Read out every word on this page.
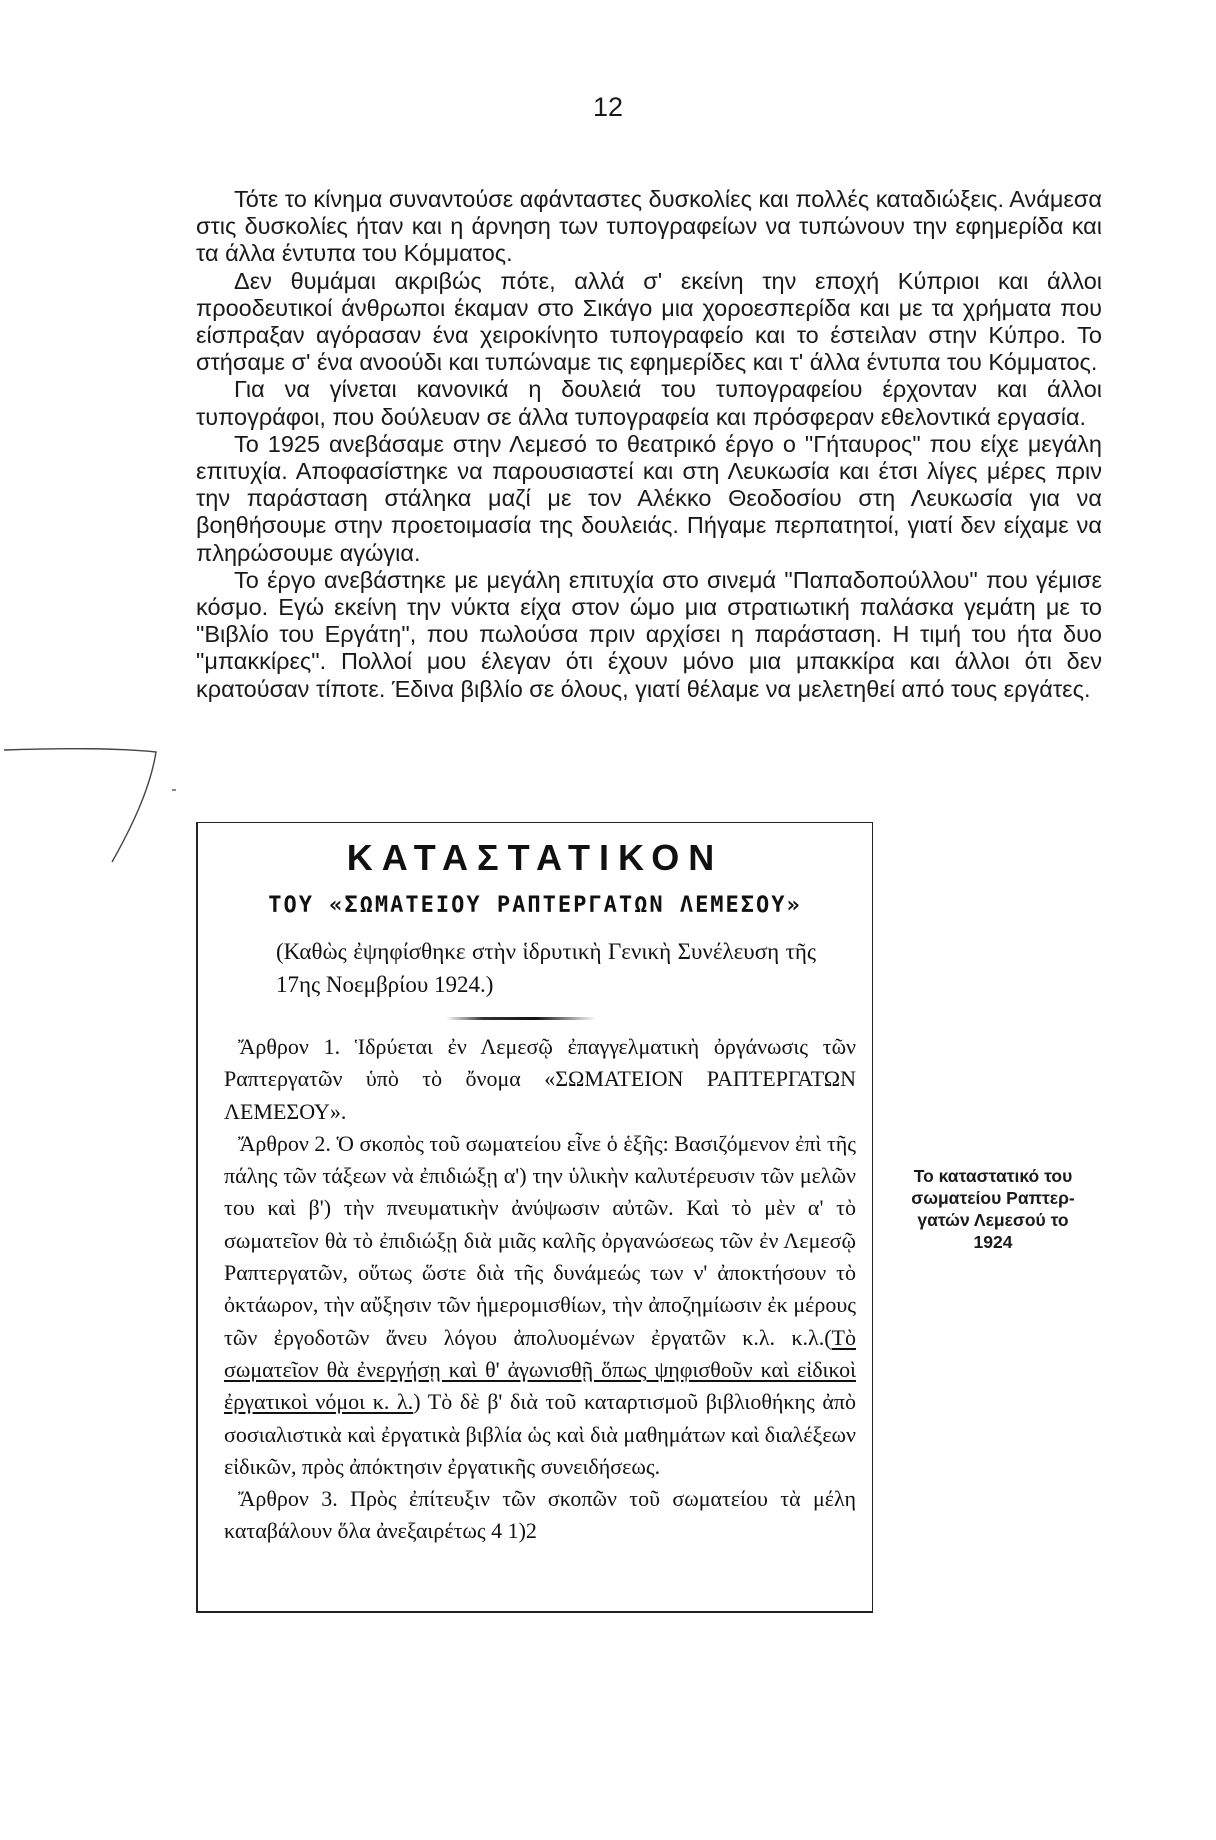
12

Τότε το κίνημα συναντούσε αφάνταστες δυσκολίες και πολλές καταδιώξεις. Ανάμεσα στις δυσκολίες ήταν και η άρνηση των τυπογραφείων να τυπώνουν την εφημερίδα και τα άλλα έντυπα του Κόμματος.

Δεν θυμάμαι ακριβώς πότε, αλλά σ' εκείνη την εποχή Κύπριοι και άλλοι προοδευτικοί άνθρωποι έκαμαν στο Σικάγο μια χοροεσπερίδα και με τα χρήματα που είσπραξαν αγόρασαν ένα χειροκίνητο τυπογραφείο και το έστειλαν στην Κύπρο. Το στήσαμε σ' ένα ανοούδι και τυπώναμε τις εφημερίδες και τ' άλλα έντυπα του Κόμματος.

Για να γίνεται κανονικά η δουλειά του τυπογραφείου έρχονταν και άλλοι τυπογράφοι, που δούλευαν σε άλλα τυπογραφεία και πρόσφεραν εθελοντικά εργασία.

Το 1925 ανεβάσαμε στην Λεμεσό το θεατρικό έργο ο "Γήταυρος" που είχε μεγάλη επιτυχία. Αποφασίστηκε να παρουσιαστεί και στη Λευκωσία και έτσι λίγες μέρες πριν την παράσταση στάληκα μαζί με τον Αλέκκο Θεοδοσίου στη Λευκωσία για να βοηθήσουμε στην προετοιμασία της δουλειάς. Πήγαμε περπατητοί, γιατί δεν είχαμε να πληρώσουμε αγώγια.

Το έργο ανεβάστηκε με μεγάλη επιτυχία στο σινεμά "Παπαδοπούλλου" που γέμισε κόσμο. Εγώ εκείνη την νύκτα είχα στον ώμο μια στρατιωτική παλάσκα γεμάτη με το "Βιβλίο του Εργάτη", που πωλούσα πριν αρχίσει η παράσταση. Η τιμή του ήτα δυο "μπακκίρες". Πολλοί μου έλεγαν ότι έχουν μόνο μια μπακκίρα και άλλοι ότι δεν κρατούσαν τίποτε. Έδινα βιβλίο σε όλους, γιατί θέλαμε να μελετηθεί από τους εργάτες.

ΚΑΤΑΣΤΑΤΙΚΟΝ
ΤΟΥ «ΣΩΜΑΤΕΙΟΥ ΡΑΠΤΕΡΓΑΤΩΝ ΛΕΜΕΣΟΥ»
(Καθὼς ἐψηφίσθηκε στὴν ἱδρυτικὴ Γενικὴ Συνέλευση τῆς 17ης Νοεμβρίου 1924.)

Ἄρθρον 1. Ἱδρύεται ἐν Λεμεσῷ ἐπαγγελματικὴ ὀργάνωσις τῶν Ραπτεργατῶν ὑπὸ τὸ ὄνομα «ΣΩΜΑΤΕΙΟΝ ΡΑΠΤΕΡΓΑΤΩΝ ΛΕΜΕΣΟΥ».

Ἄρθρον 2. Ὁ σκοπὸς τοῦ σωματείου εἶνε ὁ ἑξῆς: Βασιζόμενον ἐπὶ τῆς πάλης τῶν τάξεων νὰ ἐπιδιώξῃ α') την ὑλικὴν καλυτέρευσιν τῶν μελῶν του καὶ β') τὴν πνευματικὴν ἀνύψωσιν αὐτῶν. Καὶ τὸ μὲν α' τὸ σωματεῖον θὰ τὸ ἐπιδιώξῃ διὰ μιᾶς καλῆς ὀργανώσεως τῶν ἐν Λεμεσῷ Ραπτεργατῶν, οὕτως ὥστε διὰ τῆς δυνάμεώς των ν' ἀποκτήσουν τὸ ὀκτάωρον, τὴν αὔξησιν τῶν ἡμερομισθίων, τὴν ἀποζημίωσιν ἐκ μέρους τῶν ἐργοδοτῶν ἄνευ λόγου ἀπολυομένων ἐργατῶν κ.λ. κ.λ.(Τὸ σωματεῖον θὰ ἐνεργήσῃ καὶ θ' ἀγωνισθῇ ὅπως ψηφισθοῦν καὶ εἰδικοὶ ἐργατικοὶ νόμοι κ. λ.) Τὸ δὲ β' διὰ τοῦ καταρτισμοῦ βιβλιοθήκης ἀπὸ σοσιαλιστικὰ καὶ ἐργατικὰ βιβλία ὡς καὶ διὰ μαθημάτων καὶ διαλέξεων εἰδικῶν, πρὸς ἀπόκτησιν ἐργατικῆς συνειδήσεως.

Ἄρθρον 3. Πρὸς ἐπίτευξιν τῶν σκοπῶν τοῦ σωματείου τὰ μέλη καταβάλουν ὅλα ἀνεξαιρέτως 4 1)2

Το καταστατικό του
σωματείου Ραπτερ-
γατών Λεμεσού το
1924
